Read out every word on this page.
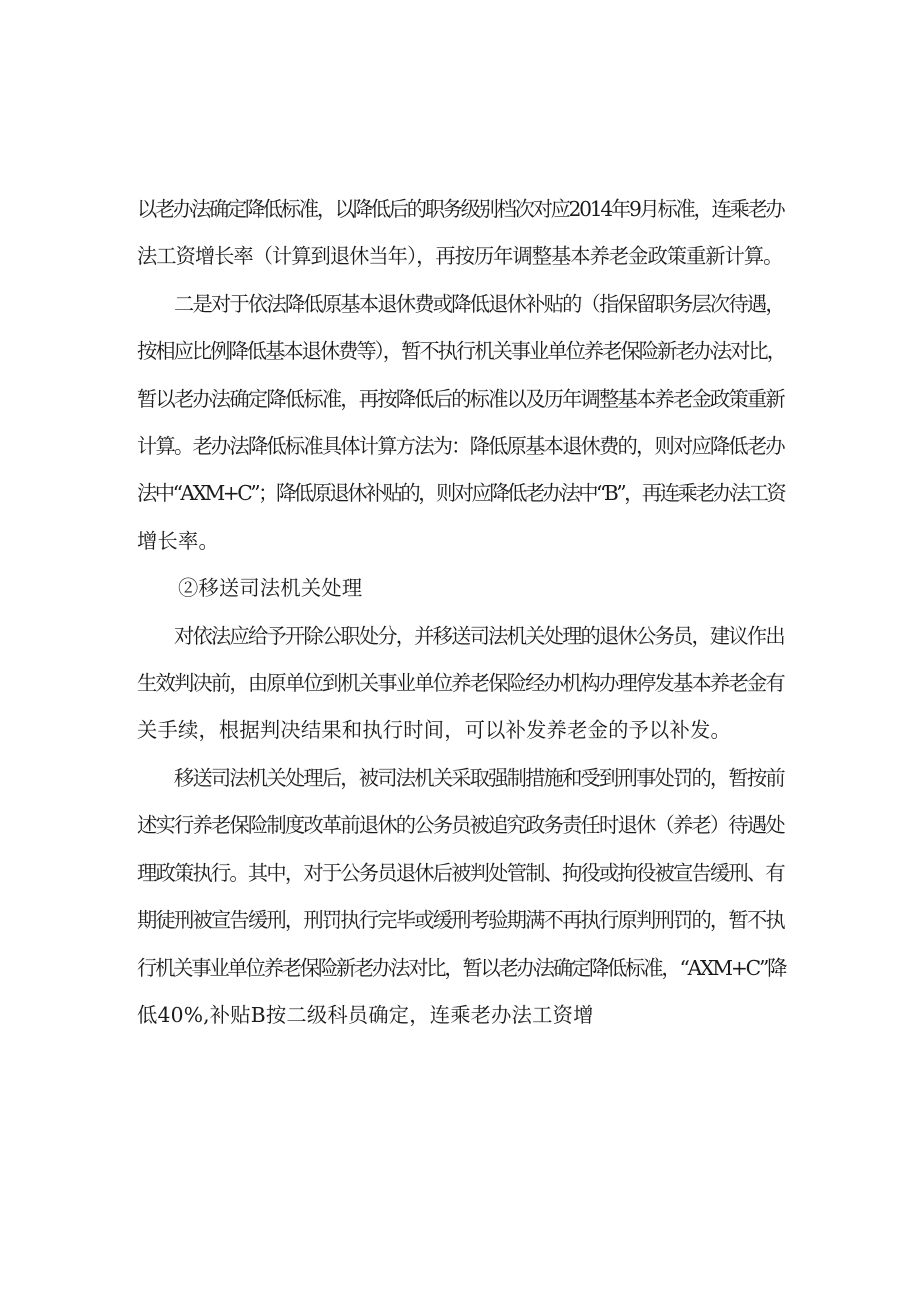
以老办法确定降低标准，以降低后的职务级别档次对应2014年9月标准，连乘老办
法工资增长率（计算到退休当年），再按历年调整基本养老金政策重新计算。

　　二是对于依法降低原基本退休费或降低退休补贴的（指保留职务层次待遇，
按相应比例降低基本退休费等），暂不执行机关事业单位养老保险新老办法对比，
暂以老办法确定降低标准，再按降低后的标准以及历年调整基本养老金政策重新
计算。老办法降低标准具体计算方法为：降低原基本退休费的，则对应降低老办
法中“AXM+C”；降低原退休补贴的，则对应降低老办法中“B”，再连乘老办法工资
增长率。

　　②移送司法机关处理

　　对依法应给予开除公职处分，并移送司法机关处理的退休公务员，建议作出
生效判决前，由原单位到机关事业单位养老保险经办机构办理停发基本养老金有
关手续，根据判决结果和执行时间，可以补发养老金的予以补发。

　　移送司法机关处理后，被司法机关采取强制措施和受到刑事处罚的，暂按前
述实行养老保险制度改革前退休的公务员被追究政务责任时退休（养老）待遇处
理政策执行。其中，对于公务员退休后被判处管制、拘役或拘役被宣告缓刑、有
期徒刑被宣告缓刑，刑罚执行完毕或缓刑考验期满不再执行原判刑罚的，暂不执
行机关事业单位养老保险新老办法对比，暂以老办法确定降低标准，“AXM+C”降
低40%,补贴B按二级科员确定，连乘老办法工资增
